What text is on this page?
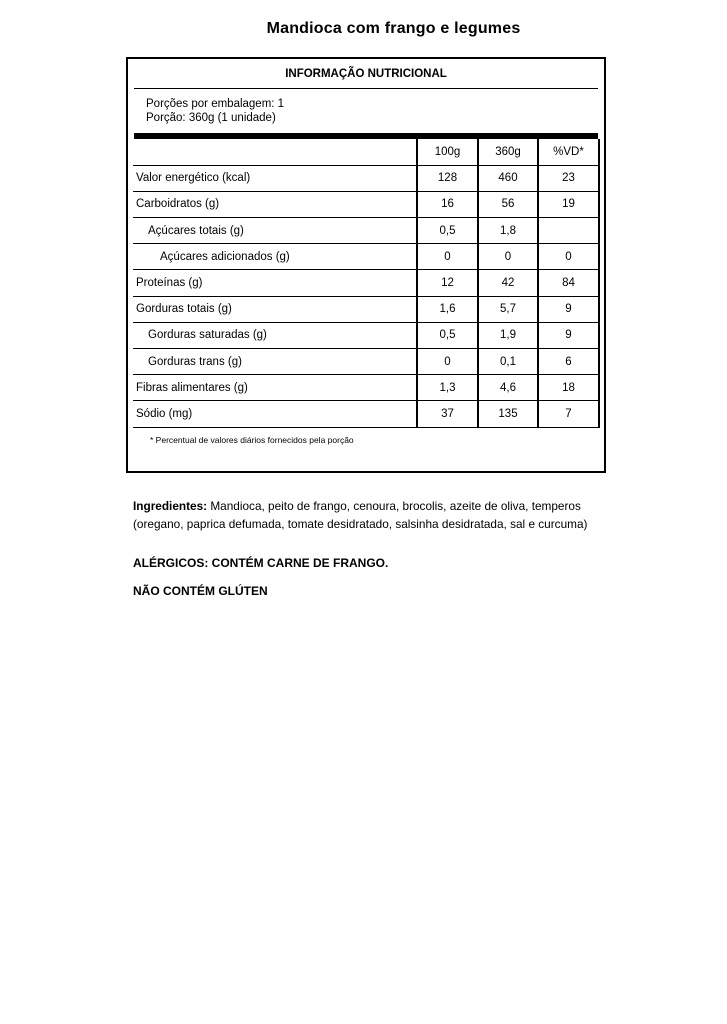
Mandioca com frango e legumes
INFORMAÇÃO NUTRICIONAL
Porções por embalagem: 1
Porção: 360g (1 unidade)
	100g	360g	%VD*
Valor energético (kcal)	128	460	23
Carboidratos (g)	16	56	19
Açúcares totais (g)	0,5	1,8	
Açúcares adicionados (g)	0	0	0
Proteínas (g)	12	42	84
Gorduras totais (g)	1,6	5,7	9
Gorduras saturadas (g)	0,5	1,9	9
Gorduras trans (g)	0	0,1	6
Fibras alimentares (g)	1,3	4,6	18
Sódio (mg)	37	135	7
* Percentual de valores diários fornecidos pela porção

Ingredientes: Mandioca, peito de frango, cenoura, brocolis, azeite de oliva, temperos (oregano, paprica defumada, tomate desidratado, salsinha desidratada, sal e curcuma)

ALÉRGICOS: CONTÉM CARNE DE FRANGO.
NÃO CONTÉM GLÚTEN
